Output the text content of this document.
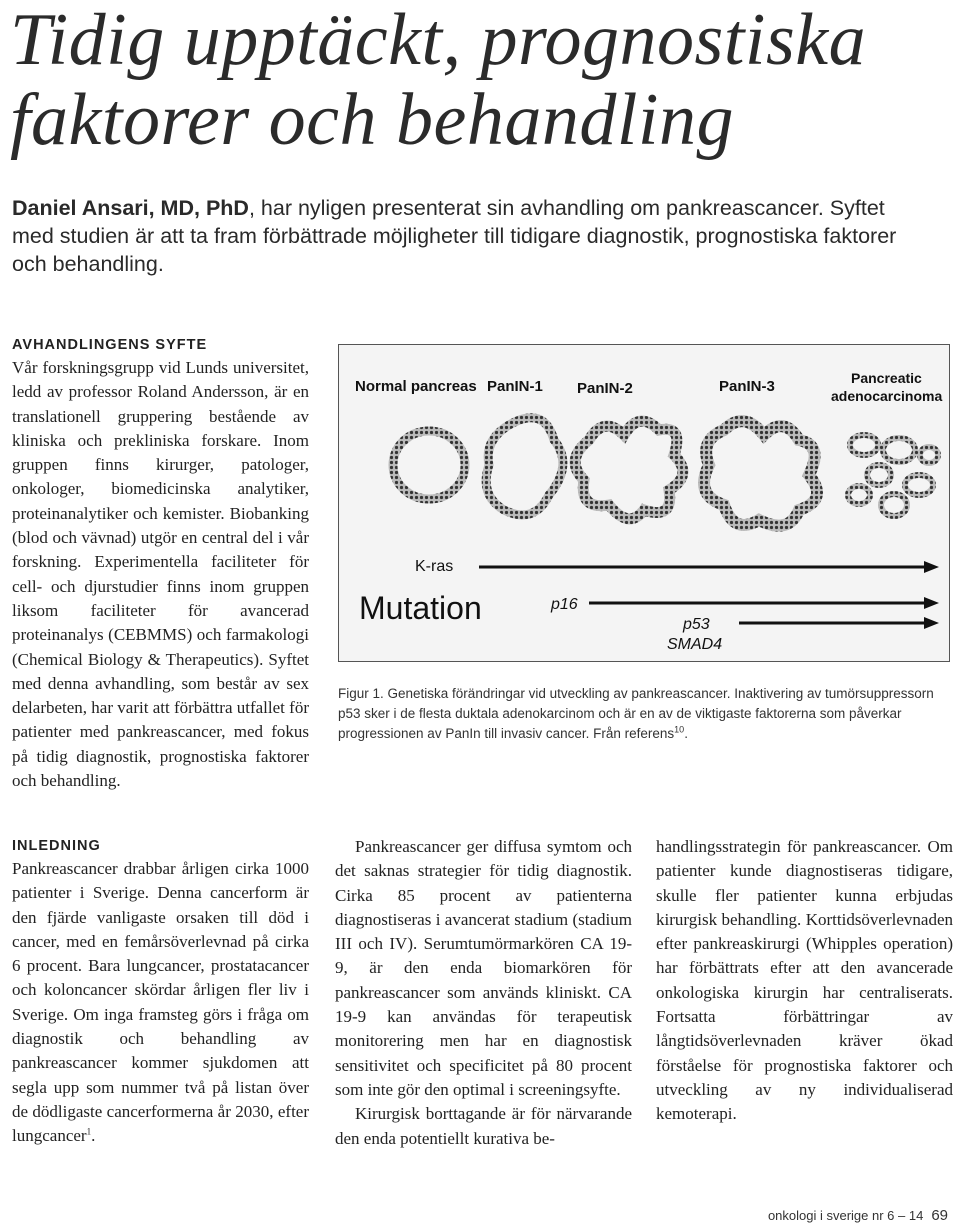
Tidig upptäckt, prognostiska faktorer och behandling

Daniel Ansari, MD, PhD, har nyligen presenterat sin avhandling om pankreascancer. Syftet med studien är att ta fram förbättrade möjligheter till tidigare diagnostik, prognostiska faktorer och behandling.

AVHANDLINGENS SYFTE

Vår forskningsgrupp vid Lunds universitet, ledd av professor Roland Andersson, är en translationell gruppering bestående av kliniska och prekliniska forskare. Inom gruppen finns kirurger, patologer, onkologer, biomedicinska analytiker, proteinanalytiker och kemister. Biobanking (blod och vävnad) utgör en central del i vår forskning. Experimentella faciliteter för cell- och djurstudier finns inom gruppen liksom faciliteter för avancerad proteinanalys (CEBMMS) och farmakologi (Chemical Biology & Therapeutics). Syftet med denna avhandling, som består av sex delarbeten, har varit att förbättra utfallet för patienter med pankreascancer, med fokus på tidig diagnostik, prognostiska faktorer och behandling.

Normal pancreas PanIN-1 PanIN-2	PanIN-3	Pancreatic
adenocarcinoma
K-ras
Mutation	p16
p53
SMAD4

Figur 1. Genetiska förändringar vid utveckling av pankreascancer. Inaktivering av tumörsuppressorn p53 sker i de flesta duktala adenokarcinom och är en av de viktigaste faktorerna som påverkar progressionen av PanIn till invasiv cancer. Från referens$^{10}$.

INLEDNING

Pankreascancer drabbar årligen cirka 1000 patienter i Sverige. Denna cancerform är den fjärde vanligaste orsaken till död i cancer, med en femårsöverlevnad på cirka 6 procent. Bara lungcancer, prostatacancer och koloncancer skördar årligen fler liv i Sverige. Om inga framsteg görs i fråga om diagnostik och behandling av pankreascancer kommer sjukdomen att segla upp som nummer två på listan över de dödligaste cancerformerna år 2030, efter lungcancer$^1$.

Pankreascancer ger diffusa symtom och det saknas strategier för tidig diagnostik. Cirka 85 procent av patienterna diagnostiseras i avancerat stadium (stadium III och IV). Serumtumörmarkören CA 19-9, är den enda biomarkören för pankreascancer som används kliniskt. CA 19-9 kan användas för terapeutisk monitorering men har en diagnostisk sensitivitet och specificitet på 80 procent som inte gör den optimal i screeningsyfte.

Kirurgisk borttagande är för närvarande den enda potentiellt kurativa be-

handlingsstrategin för pankreascancer. Om patienter kunde diagnostiseras tidigare, skulle fler patienter kunna erbjudas kirurgisk behandling. Korttidsöverlevnaden efter pankreaskirurgi (Whipples operation) har förbättrats efter att den avancerade onkologiska kirurgin har centraliserats. Fortsatta förbättringar av långtidsöverlevnaden kräver ökad förståelse för prognostiska faktorer och utveckling av ny individualiserad kemoterapi.

onkologi i sverige nr 6 – 14 69
